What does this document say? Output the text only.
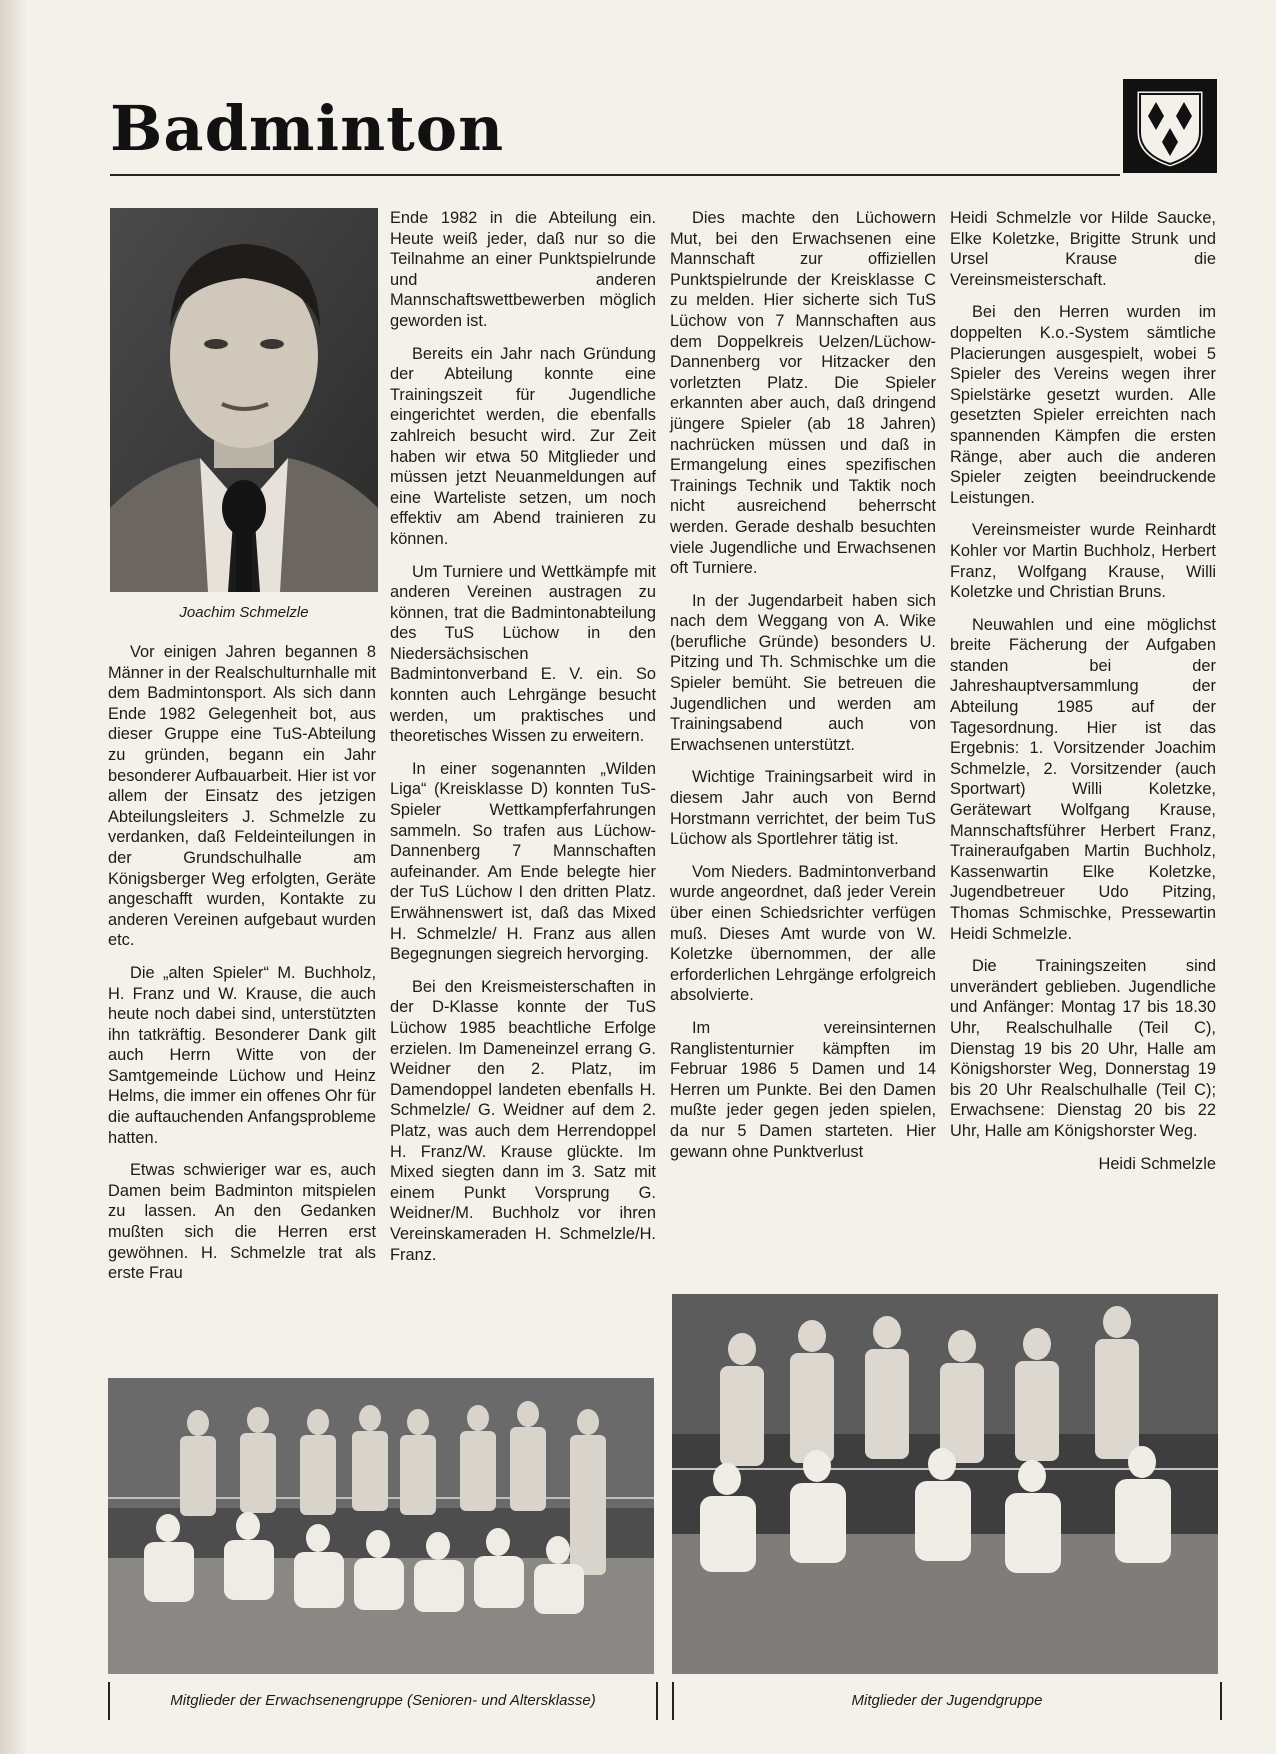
Badminton
Joachim Schmelzle

Vor einigen Jahren begannen 8 Männer in der Realschulturnhalle mit dem Badmintonsport. Als sich dann Ende 1982 Gelegenheit bot, aus dieser Gruppe eine TuS-Abteilung zu gründen, begann ein Jahr besonderer Aufbauarbeit. Hier ist vor allem der Einsatz des jetzigen Abteilungsleiters J. Schmelzle zu verdanken, daß Feldeinteilungen in der Grundschulhalle am Königsberger Weg erfolgten, Geräte angeschafft wurden, Kontakte zu anderen Vereinen aufgebaut wurden etc.

Die „alten Spieler“ M. Buchholz, H. Franz und W. Krause, die auch heute noch dabei sind, unterstützten ihn tatkräftig. Besonderer Dank gilt auch Herrn Witte von der Samtgemeinde Lüchow und Heinz Helms, die immer ein offenes Ohr für die auftauchenden Anfangsprobleme hatten.

Etwas schwieriger war es, auch Damen beim Badminton mitspielen zu lassen. An den Gedanken mußten sich die Herren erst gewöhnen. H. Schmelzle trat als erste Frau

Ende 1982 in die Abteilung ein. Heute weiß jeder, daß nur so die Teilnahme an einer Punktspielrunde und anderen Mannschaftswettbewerben möglich geworden ist.

Bereits ein Jahr nach Gründung der Abteilung konnte eine Trainingszeit für Jugendliche eingerichtet werden, die ebenfalls zahlreich besucht wird. Zur Zeit haben wir etwa 50 Mitglieder und müssen jetzt Neuanmeldungen auf eine Warteliste setzen, um noch effektiv am Abend trainieren zu können.

Um Turniere und Wettkämpfe mit anderen Vereinen austragen zu können, trat die Badmintonabteilung des TuS Lüchow in den Niedersächsischen Badmintonverband E. V. ein. So konnten auch Lehrgänge besucht werden, um praktisches und theoretisches Wissen zu erweitern.

In einer sogenannten „Wilden Liga“ (Kreisklasse D) konnten TuS-Spieler Wettkampferfahrungen sammeln. So trafen aus Lüchow-Dannenberg 7 Mannschaften aufeinander. Am Ende belegte hier der TuS Lüchow I den dritten Platz. Erwähnenswert ist, daß das Mixed H. Schmelzle/ H. Franz aus allen Begegnungen siegreich hervorging.

Bei den Kreismeisterschaften in der D-Klasse konnte der TuS Lüchow 1985 beachtliche Erfolge erzielen. Im Dameneinzel errang G. Weidner den 2. Platz, im Damendoppel landeten ebenfalls H. Schmelzle/ G. Weidner auf dem 2. Platz, was auch dem Herrendoppel H. Franz/W. Krause glückte. Im Mixed siegten dann im 3. Satz mit einem Punkt Vorsprung G. Weidner/M. Buchholz vor ihren Vereinskameraden H. Schmelzle/H. Franz.

Dies machte den Lüchowern Mut, bei den Erwachsenen eine Mannschaft zur offiziellen Punktspielrunde der Kreisklasse C zu melden. Hier sicherte sich TuS Lüchow von 7 Mannschaften aus dem Doppelkreis Uelzen/Lüchow-Dannenberg vor Hitzacker den vorletzten Platz. Die Spieler erkannten aber auch, daß dringend jüngere Spieler (ab 18 Jahren) nachrücken müssen und daß in Ermangelung eines spezifischen Trainings Technik und Taktik noch nicht ausreichend beherrscht werden. Gerade deshalb besuchten viele Jugendliche und Erwachsenen oft Turniere.

In der Jugendarbeit haben sich nach dem Weggang von A. Wike (berufliche Gründe) besonders U. Pitzing und Th. Schmischke um die Spieler bemüht. Sie betreuen die Jugendlichen und werden am Trainingsabend auch von Erwachsenen unterstützt.

Wichtige Trainingsarbeit wird in diesem Jahr auch von Bernd Horstmann verrichtet, der beim TuS Lüchow als Sportlehrer tätig ist.

Vom Nieders. Badmintonverband wurde angeordnet, daß jeder Verein über einen Schiedsrichter verfügen muß. Dieses Amt wurde von W. Koletzke übernommen, der alle erforderlichen Lehrgänge erfolgreich absolvierte.

Im vereinsinternen Ranglistenturnier kämpften im Februar 1986 5 Damen und 14 Herren um Punkte. Bei den Damen mußte jeder gegen jeden spielen, da nur 5 Damen starteten. Hier gewann ohne Punktverlust

Heidi Schmelzle vor Hilde Saucke, Elke Koletzke, Brigitte Strunk und Ursel Krause die Vereinsmeisterschaft.

Bei den Herren wurden im doppelten K.o.-System sämtliche Placierungen ausgespielt, wobei 5 Spieler des Vereins wegen ihrer Spielstärke gesetzt wurden. Alle gesetzten Spieler erreichten nach spannenden Kämpfen die ersten Ränge, aber auch die anderen Spieler zeigten beeindruckende Leistungen.

Vereinsmeister wurde Reinhardt Kohler vor Martin Buchholz, Herbert Franz, Wolfgang Krause, Willi Koletzke und Christian Bruns.

Neuwahlen und eine möglichst breite Fächerung der Aufgaben standen bei der Jahreshauptversammlung der Abteilung 1985 auf der Tagesordnung. Hier ist das Ergebnis: 1. Vorsitzender Joachim Schmelzle, 2. Vorsitzender (auch Sportwart) Willi Koletzke, Gerätewart Wolfgang Krause, Mannschaftsführer Herbert Franz, Traineraufgaben Martin Buchholz, Kassenwartin Elke Koletzke, Jugendbetreuer Udo Pitzing, Thomas Schmischke, Pressewartin Heidi Schmelzle.

Die Trainingszeiten sind unverändert geblieben. Jugendliche und Anfänger: Montag 17 bis 18.30 Uhr, Realschulhalle (Teil C), Dienstag 19 bis 20 Uhr, Halle am Königshorster Weg, Donnerstag 19 bis 20 Uhr Realschulhalle (Teil C); Erwachsene: Dienstag 20 bis 22 Uhr, Halle am Königshorster Weg.

Heidi Schmelzle
Mitglieder der Erwachsenengruppe (Senioren- und Altersklasse)	Mitglieder der Jugendgruppe
